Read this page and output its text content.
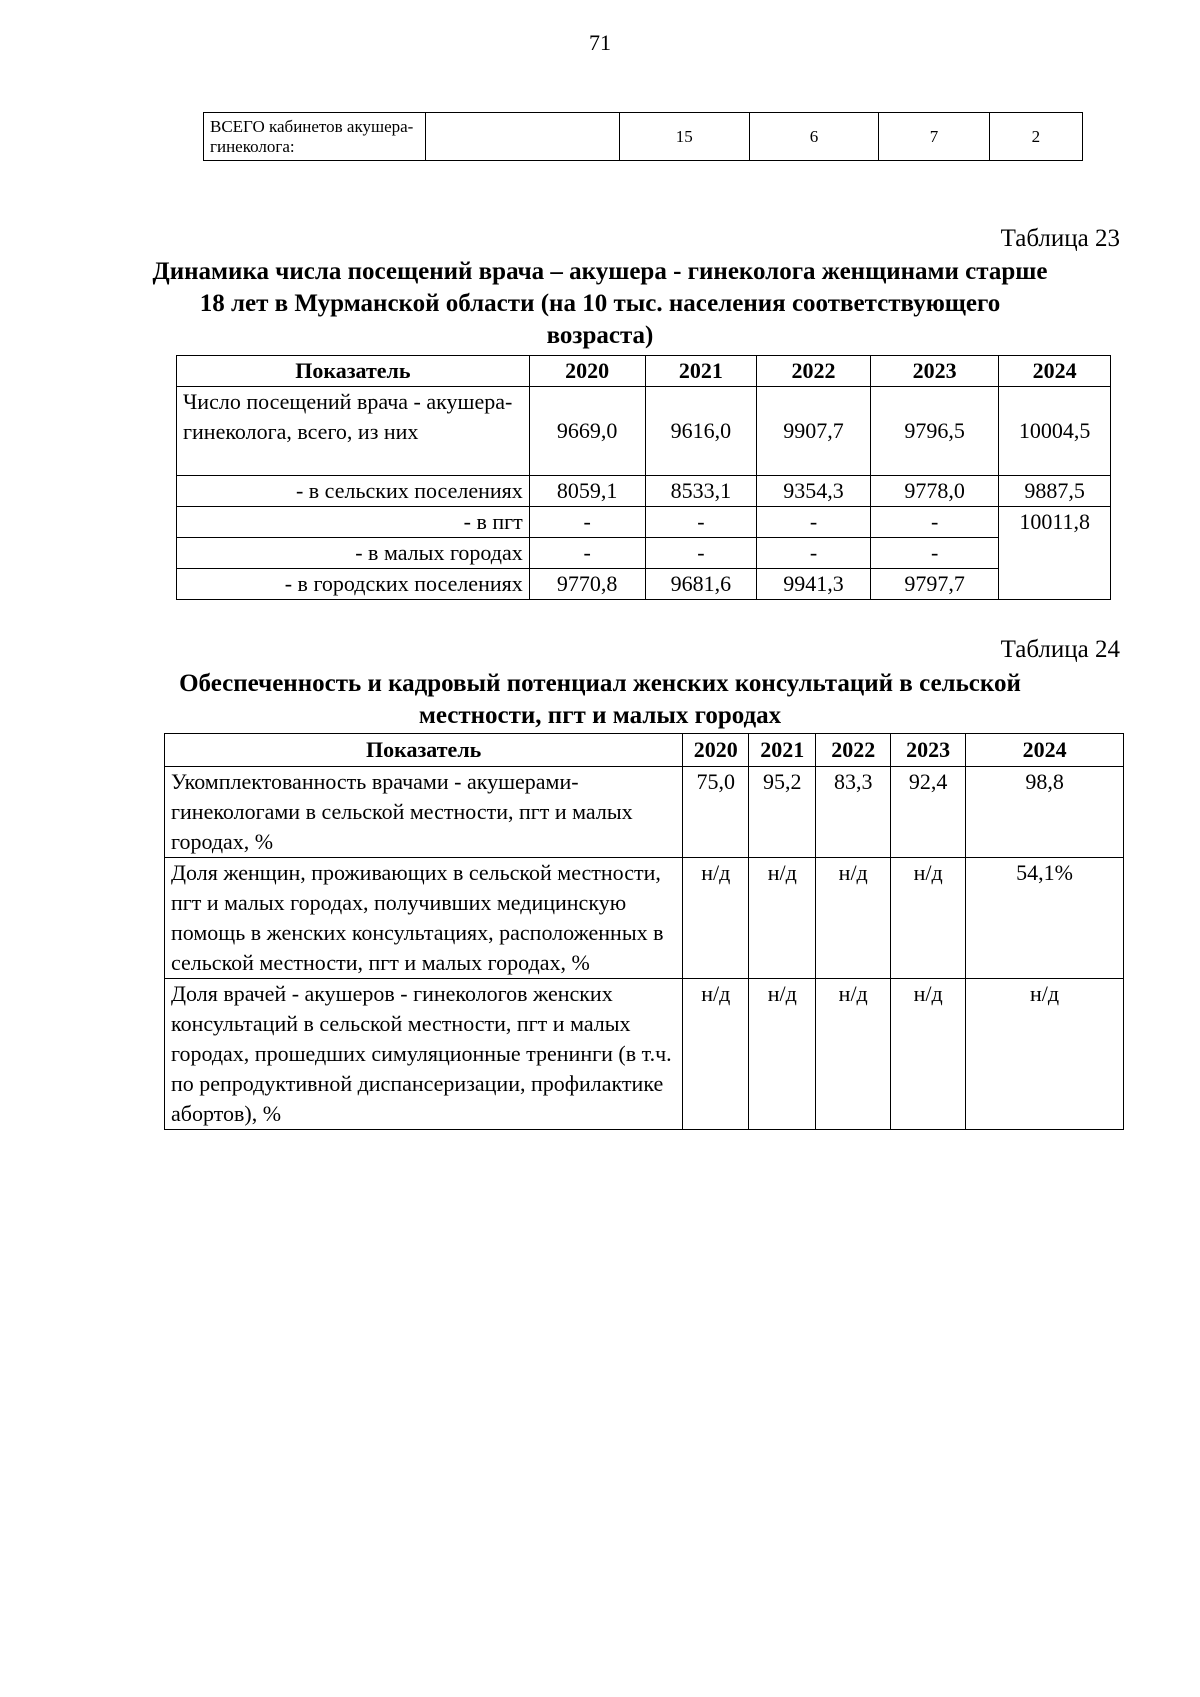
71
ВСЕГО кабинетов акушера-гинеколога:		15	6	7	2
Таблица 23
Динамика числа посещений врача – акушера - гинеколога женщинами старше 18 лет в Мурманской области (на 10 тыс. населения соответствующего возраста)
Показатель	2020	2021	2022	2023	2024
Число посещений врача - акушера-гинеколога, всего, из них	9669,0	9616,0	9907,7	9796,5	10004,5
- в сельских поселениях	8059,1	8533,1	9354,3	9778,0	9887,5
- в пгт	-	-	-	-	10011,8
- в малых городах	-	-	-	-	
- в городских поселениях	9770,8	9681,6	9941,3	9797,7	
Таблица 24
Обеспеченность и кадровый потенциал женских консультаций в сельской местности, пгт и малых городах
Показатель	2020	2021	2022	2023	2024
Укомплектованность врачами - акушерами-гинекологами в сельской местности, пгт и малых городах, %	75,0	95,2	83,3	92,4	98,8
Доля женщин, проживающих в сельской местности, пгт и малых городах, получивших медицинскую помощь в женских консультациях, расположенных в сельской местности, пгт и малых городах, %	н/д	н/д	н/д	н/д	54,1%
Доля врачей - акушеров - гинекологов женских консультаций в сельской местности, пгт и малых городах, прошедших симуляционные тренинги (в т.ч. по репродуктивной диспансеризации, профилактике абортов), %	н/д	н/д	н/д	н/д	н/д
